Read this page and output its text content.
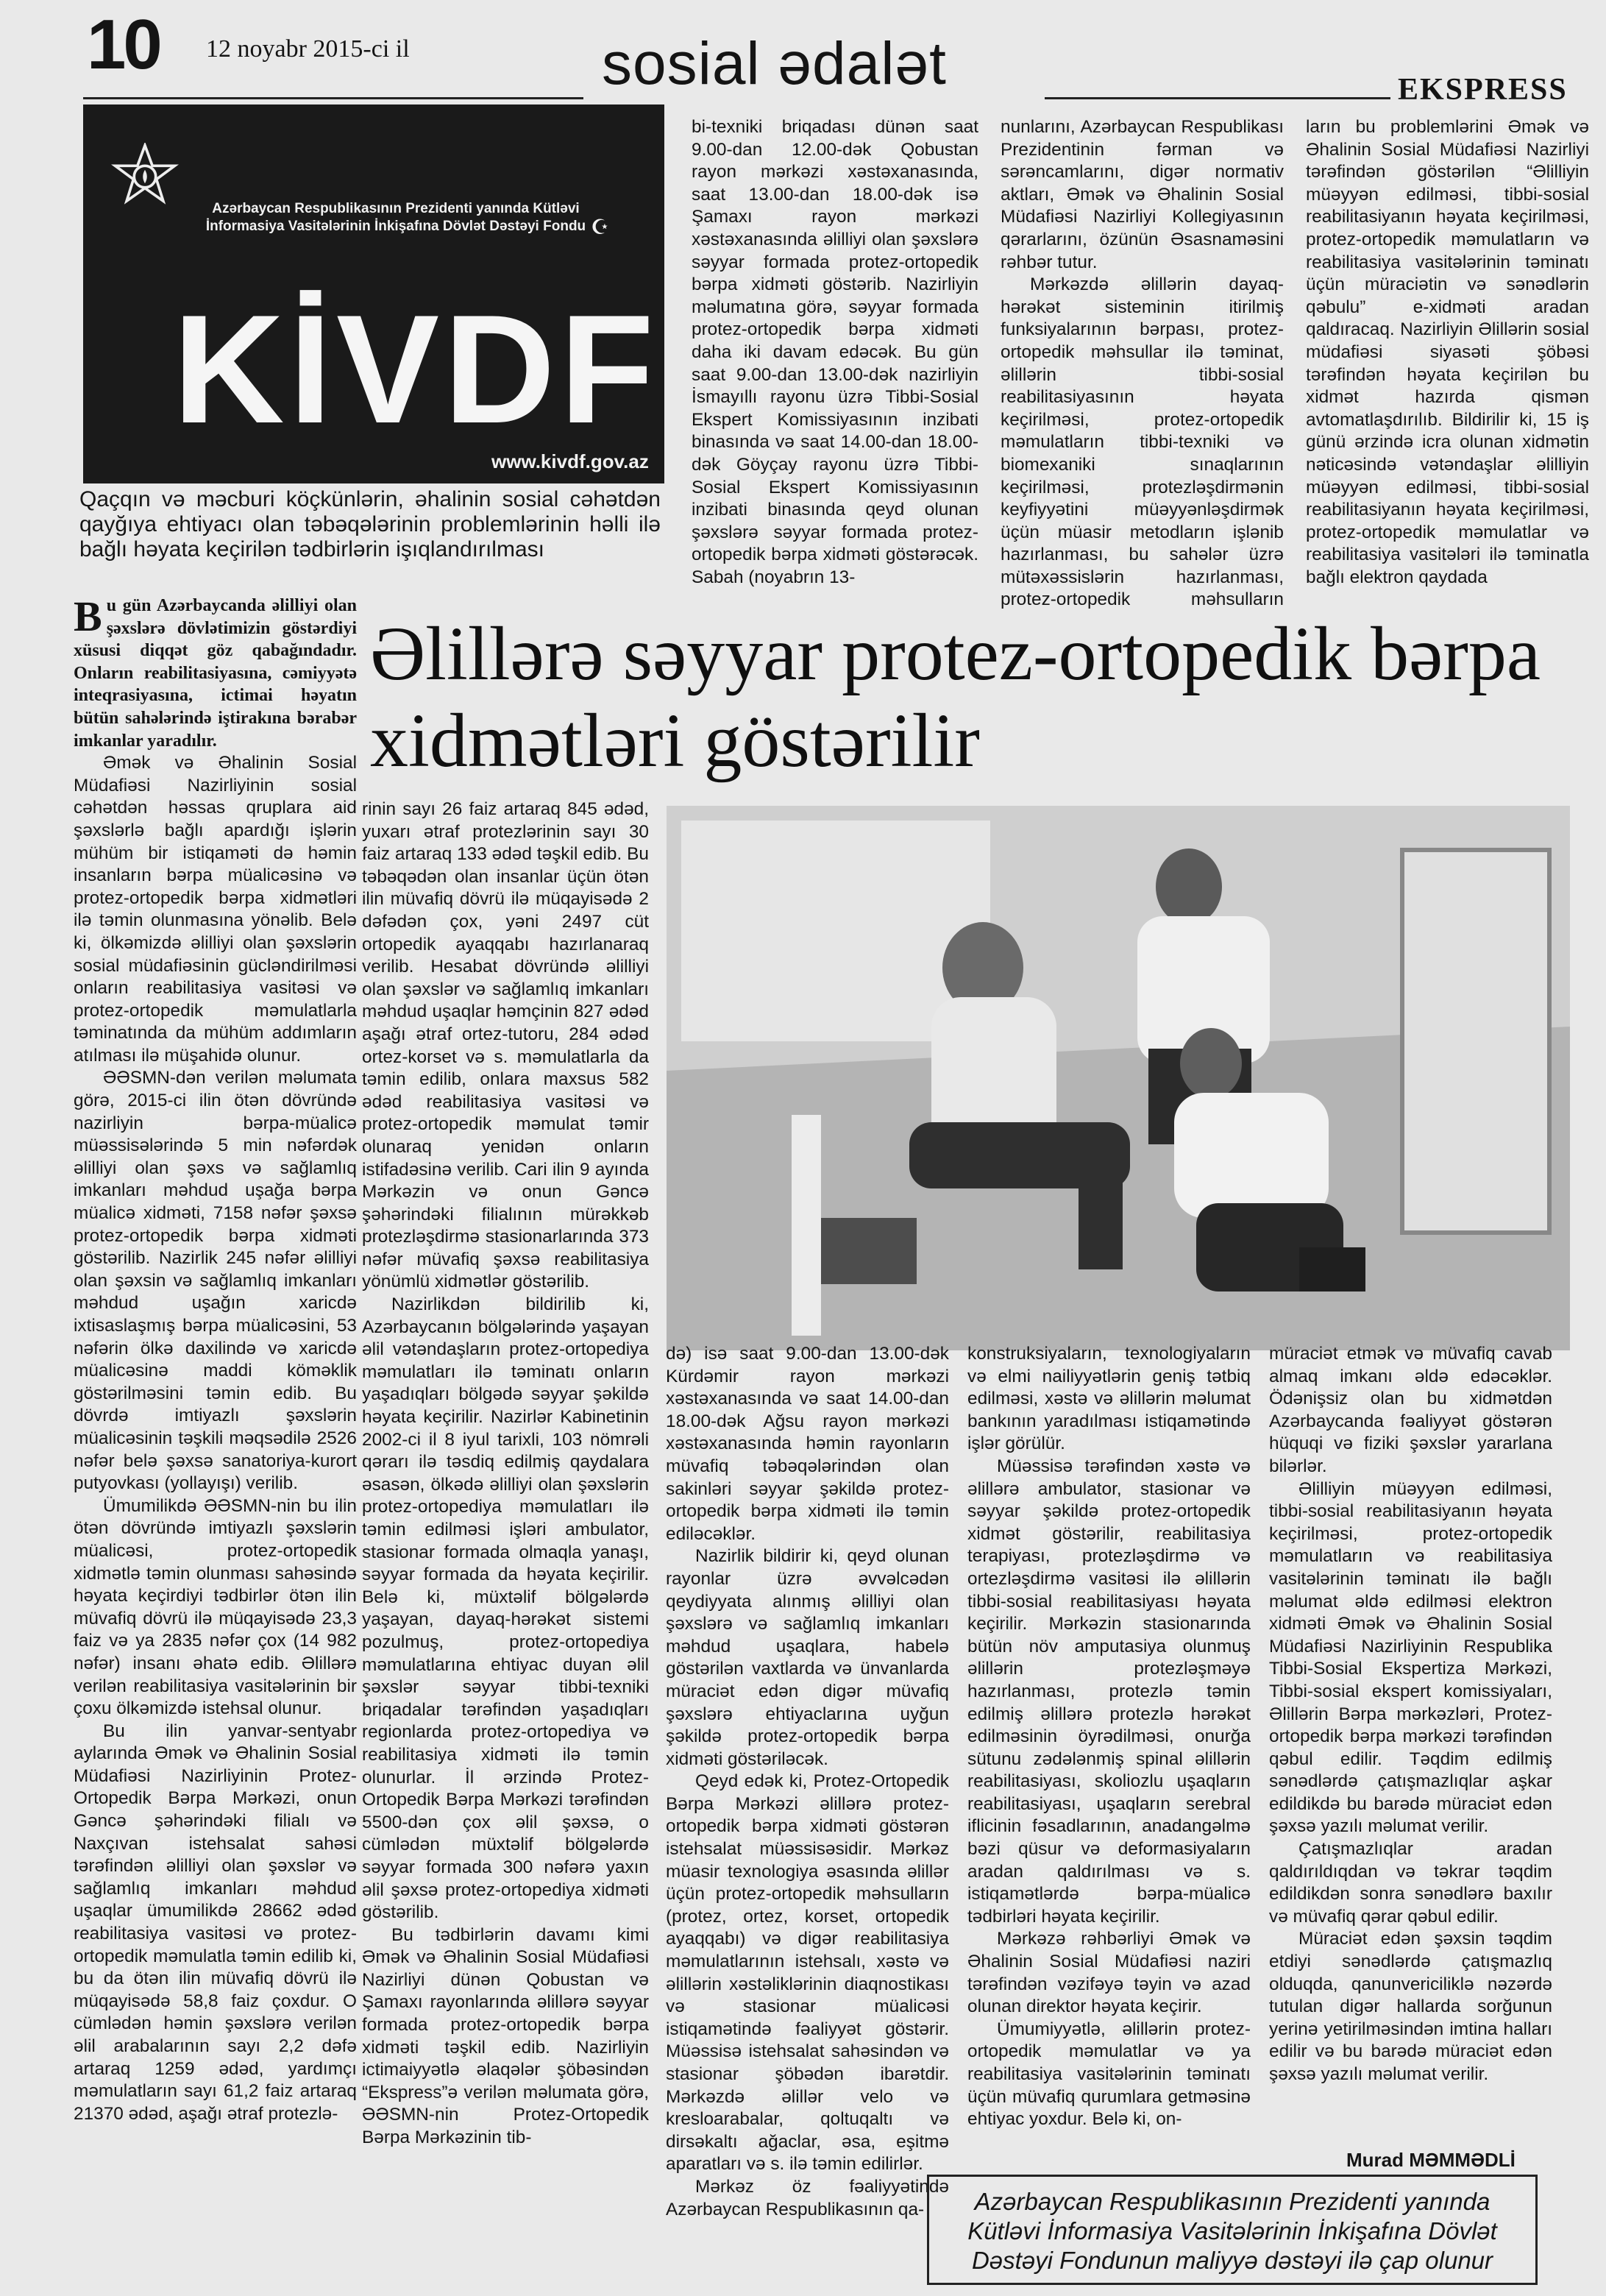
10 12 noyabr 2015-ci il	sosial ədalət	EKSPRESS
Azərbaycan Respublikasının Prezidenti yanında Kütləvi İnformasiya Vasitələrinin İnkişafına Dövlət Dəstəyi Fondu ☪
KİVDF
www.kivdf.gov.az
Qaçqın və məcburi köçkünlərin, əhalinin sosial cəhətdən qayğıya ehtiyacı olan təbəqələrinin problemlərinin həlli ilə bağlı həyata keçirilən tədbirlərin işıqlandırılması
Əlillərə səyyar protez-ortopedik bərpa xidmətləri göstərilir

Bu gün Azərbaycanda əlilliyi olan şəxslərə dövlətimizin göstərdiyi xüsusi diqqət göz qabağındadır. Onların reabilitasiyasına, cəmiyyətə inteqrasiyasına, ictimai həyatın bütün sahələrində iştirakına bərabər imkanlar yaradılır.

Əmək və Əhalinin Sosial Müdafiəsi Nazirliyinin sosial cəhətdən həssas qruplara aid şəxslərlə bağlı apardığı işlərin mühüm bir istiqaməti də həmin insanların bərpa müalicəsinə və protez-ortopedik bərpa xidmətləri ilə təmin olunmasına yönəlib. Belə ki, ölkəmizdə əlilliyi olan şəxslərin sosial müdafiəsinin gücləndirilməsi onların reabilitasiya vasitəsi və protez-ortopedik məmulatlarla təminatında da mühüm addımların atılması ilə müşahidə olunur.

ƏƏSMN-dən verilən məlumata görə, 2015-ci ilin ötən dövründə nazirliyin bərpa-müalicə müəssisələrində 5 min nəfərdək əlilliyi olan şəxs və sağlamlıq imkanları məhdud uşağa bərpa müalicə xidməti, 7158 nəfər şəxsə protez-ortopedik bərpa xidməti göstərilib. Nazirlik 245 nəfər əlilliyi olan şəxsin və sağlamlıq imkanları məhdud uşağın xaricdə ixtisaslaşmış bərpa müalicəsini, 53 nəfərin ölkə daxilində və xaricdə müalicəsinə maddi köməklik göstərilməsini təmin edib. Bu dövrdə imtiyazlı şəxslərin müalicəsinin təşkili məqsədilə 2526 nəfər belə şəxsə sanatoriya-kurort putyovkası (yollayışı) verilib.

Ümumilikdə ƏƏSMN-nin bu ilin ötən dövründə imtiyazlı şəxslərin müalicəsi, protez-ortopedik xidmətlə təmin olunması sahəsində həyata keçirdiyi tədbirlər ötən ilin müvafiq dövrü ilə müqayisədə 23,3 faiz və ya 2835 nəfər çox (14 982 nəfər) insanı əhatə edib. Əlillərə verilən reabilitasiya vasitələrinin bir çoxu ölkəmizdə istehsal olunur.

Bu ilin yanvar-sentyabr aylarında Əmək və Əhalinin Sosial Müdafiəsi Nazirliyinin Protez-Ortopedik Bərpa Mərkəzi, onun Gəncə şəhərindəki filialı və Naxçıvan istehsalat sahəsi tərəfindən əlilliyi olan şəxslər və sağlamlıq imkanları məhdud uşaqlar ümumilikdə 28662 ədəd reabilitasiya vasitəsi və protez-ortopedik məmulatla təmin edilib ki, bu da ötən ilin müvafiq dövrü ilə müqayisədə 58,8 faiz çoxdur. O cümlədən həmin şəxslərə verilən əlil arabalarının sayı 2,2 dəfə artaraq 1259 ədəd, yardımçı məmulatların sayı 61,2 faiz artaraq 21370 ədəd, aşağı ətraf protezlə-

bi-texniki briqadası dünən saat 9.00-dan 12.00-dək Qobustan rayon mərkəzi xəstəxanasında, saat 13.00-dan 18.00-dək isə Şamaxı rayon mərkəzi xəstəxanasında əlilliyi olan şəxslərə səyyar formada protez-ortopedik bərpa xidməti göstərib. Nazirliyin məlumatına görə, səyyar formada protez-ortopedik bərpa xidməti daha iki davam edəcək. Bu gün saat 9.00-dan 13.00-dək nazirliyin İsmayıllı rayonu üzrə Tibbi-Sosial Ekspert Komissiyasının inzibati binasında və saat 14.00-dan 18.00-dək Göyçay rayonu üzrə Tibbi-Sosial Ekspert Komissiyasının inzibati binasında qeyd olunan şəxslərə səyyar formada protez-ortopedik bərpa xidməti göstərəcək. Sabah (noyabrın 13-

nunlarını, Azərbaycan Respublikası Prezidentinin fərman və sərəncamlarını, digər normativ aktları, Əmək və Əhalinin Sosial Müdafiəsi Nazirliyi Kollegiyasının qərarlarını, özünün Əsasnaməsini rəhbər tutur.

Mərkəzdə əlillərin dayaq-hərəkət sisteminin itirilmiş funksiyalarının bərpası, protez-ortopedik məhsullar ilə təminat, əlillərin tibbi-sosial reabilitasiyasının həyata keçirilməsi, protez-ortopedik məmulatların tibbi-texniki və biomexaniki sınaqlarının keçirilməsi, protezləşdirmənin keyfiyyətini müəyyənləşdirmək üçün müasir metodların işlənib hazırlanması, bu sahələr üzrə mütəxəssislərin hazırlanması, protez-ortopedik məhsulların

ların bu problemlərini Əmək və Əhalinin Sosial Müdafiəsi Nazirliyi tərəfindən göstərilən “Əlilliyin müəyyən edilməsi, tibbi-sosial reabilitasiyanın həyata keçirilməsi, protez-ortopedik məmulatların və reabilitasiya vasitələrinin təminatı üçün müraciətin və sənədlərin qəbulu” e-xidməti aradan qaldıracaq. Nazirliyin Əlillərin sosial müdafiəsi siyasəti şöbəsi tərəfindən həyata keçirilən bu xidmət hazırda qismən avtomatlaşdırılıb. Bildirilir ki, 15 iş günü ərzində icra olunan xidmətin nəticəsində vətəndaşlar əlilliyin müəyyən edilməsi, tibbi-sosial reabilitasiyanın həyata keçirilməsi, protez-ortopedik məmulatlar və reabilitasiya vasitələri ilə təminatla bağlı elektron qaydada

rinin sayı 26 faiz artaraq 845 ədəd, yuxarı ətraf protezlərinin sayı 30 faiz artaraq 133 ədəd təşkil edib. Bu təbəqədən olan insanlar üçün ötən ilin müvafiq dövrü ilə müqayisədə 2 dəfədən çox, yəni 2497 cüt ortopedik ayaqqabı hazırlanaraq verilib. Hesabat dövründə əlilliyi olan şəxslər və sağlamlıq imkanları məhdud uşaqlar həmçinin 827 ədəd aşağı ətraf ortez-tutoru, 284 ədəd ortez-korset və s. məmulatlarla da təmin edilib, onlara maxsus 582 ədəd reabilitasiya vasitəsi və protez-ortopedik məmulat təmir olunaraq yenidən onların istifadəsinə verilib. Cari ilin 9 ayında Mərkəzin və onun Gəncə şəhərindəki filialının mürəkkəb protezləşdirmə stasionarlarında 373 nəfər müvafiq şəxsə reabilitasiya yönümlü xidmətlər göstərilib.

Nazirlikdən bildirilib ki, Azərbaycanın bölgələrində yaşayan əlil vətəndaşların protez-ortopediya məmulatları ilə təminatı onların yaşadıqları bölgədə səyyar şəkildə həyata keçirilir. Nazirlər Kabinetinin 2002-ci il 8 iyul tarixli, 103 nömrəli qərarı ilə təsdiq edilmiş qaydalara əsasən, ölkədə əlilliyi olan şəxslərin protez-ortopediya məmulatları ilə təmin edilməsi işləri ambulator, stasionar formada olmaqla yanaşı, səyyar formada da həyata keçirilir. Belə ki, müxtəlif bölgələrdə yaşayan, dayaq-hərəkət sistemi pozulmuş, protez-ortopediya məmulatlarına ehtiyac duyan əlil şəxslər səyyar tibbi-texniki briqadalar tərəfindən yaşadıqları regionlarda protez-ortopediya və reabilitasiya xidməti ilə təmin olunurlar. İl ərzində Protez-Ortopedik Bərpa Mərkəzi tərəfindən 5500-dən çox əlil şəxsə, o cümlədən müxtəlif bölgələrdə səyyar formada 300 nəfərə yaxın əlil şəxsə protez-ortopediya xidməti göstərilib.

Bu tədbirlərin davamı kimi Əmək və Əhalinin Sosial Müdafiəsi Nazirliyi dünən Qobustan və Şamaxı rayonlarında əlillərə səyyar formada protez-ortopedik bərpa xidməti təşkil edib. Nazirliyin ictimaiyyətlə əlaqələr şöbəsindən “Ekspress”ə verilən məlumata görə, ƏƏSMN-nin Protez-Ortopedik Bərpa Mərkəzinin tib-

də) isə saat 9.00-dan 13.00-dək Kürdəmir rayon mərkəzi xəstəxanasında və saat 14.00-dan 18.00-dək Ağsu rayon mərkəzi xəstəxanasında həmin rayonların müvafiq təbəqələrindən olan sakinləri səyyar şəkildə protez-ortopedik bərpa xidməti ilə təmin ediləcəklər.

Nazirlik bildirir ki, qeyd olunan rayonlar üzrə əvvəlcədən qeydiyyata alınmış əlilliyi olan şəxslərə və sağlamlıq imkanları məhdud uşaqlara, habelə göstərilən vaxtlarda və ünvanlarda müraciət edən digər müvafiq şəxslərə ehtiyaclarına uyğun şəkildə protez-ortopedik bərpa xidməti göstəriləcək.

Qeyd edək ki, Protez-Ortopedik Bərpa Mərkəzi əlillərə protez-ortopedik bərpa xidməti göstərən istehsalat müəssisəsidir. Mərkəz müasir texnologiya əsasında əlillər üçün protez-ortopedik məhsulların (protez, ortez, korset, ortopedik ayaqqabı) və digər reabilitasiya məmulatlarının istehsalı, xəstə və əlillərin xəstəliklərinin diaqnostikası və stasionar müalicəsi istiqamətində fəaliyyət göstərir. Müəssisə istehsalat sahəsindən və stasionar şöbədən ibarətdir. Mərkəzdə əlillər velo və kresloarabalar, qoltuqaltı və dirsəkaltı ağaclar, əsa, eşitmə aparatları və s. ilə təmin edilirlər.

Mərkəz öz fəaliyyətində Azərbaycan Respublikasının qa-

konstruksiyaların, texnologiyaların və elmi nailiyyətlərin geniş tətbiq edilməsi, xəstə və əlillərin məlumat bankının yaradılması istiqamətində işlər görülür.

Müəssisə tərəfindən xəstə və əlillərə ambulator, stasionar və səyyar şəkildə protez-ortopedik xidmət göstərilir, reabilitasiya terapiyası, protezləşdirmə və ortezləşdirmə vasitəsi ilə əlillərin tibbi-sosial reabilitasiyası həyata keçirilir. Mərkəzin stasionarında bütün növ amputasiya olunmuş əlillərin protezləşməyə hazırlanması, protezlə təmin edilmiş əlillərə protezlə hərəkət edilməsinin öyrədilməsi, onurğa sütunu zədələnmiş spinal əlillərin reabilitasiyası, skoliozlu uşaqların reabilitasiyası, uşaqların serebral iflicinin fəsadlarının, anadangəlmə bəzi qüsur və deformasiyaların aradan qaldırılması və s. istiqamətlərdə bərpa-müalicə tədbirləri həyata keçirilir.

Mərkəzə rəhbərliyi Əmək və Əhalinin Sosial Müdafiəsi naziri tərəfindən vəzifəyə təyin və azad olunan direktor həyata keçirir.

Ümumiyyətlə, əlillərin protez-ortopedik məmulatlar və ya reabilitasiya vasitələrinin təminatı üçün müvafiq qurumlara getməsinə ehtiyac yoxdur. Belə ki, on-

müraciət etmək və müvafiq cavab almaq imkanı əldə edəcəklər. Ödənişsiz olan bu xidmətdən Azərbaycanda fəaliyyət göstərən hüquqi və fiziki şəxslər yararlana bilərlər.

Əlilliyin müəyyən edilməsi, tibbi-sosial reabilitasiyanın həyata keçirilməsi, protez-ortopedik məmulatların və reabilitasiya vasitələrinin təminatı ilə bağlı məlumat əldə edilməsi elektron xidməti Əmək və Əhalinin Sosial Müdafiəsi Nazirliyinin Respublika Tibbi-Sosial Ekspertiza Mərkəzi, Tibbi-sosial ekspert komissiyaları, Əlillərin Bərpa mərkəzləri, Protez-ortopedik bərpa mərkəzi tərəfindən qəbul edilir. Təqdim edilmiş sənədlərdə çatışmazlıqlar aşkar edildikdə bu barədə müraciət edən şəxsə yazılı məlumat verilir.

Çatışmazlıqlar aradan qaldırıldıqdan və təkrar təqdim edildikdən sonra sənədlərə baxılır və müvafiq qərar qəbul edilir.

Müraciət edən şəxsin təqdim etdiyi sənədlərdə çatışmazlıq olduqda, qanunvericiliklə nəzərdə tutulan digər hallarda sorğunun yerinə yetirilməsindən imtina halları edilir və bu barədə müraciət edən şəxsə yazılı məlumat verilir.

Murad MƏMMƏDLİ
Azərbaycan Respublikasının Prezidenti yanında Kütləvi İnformasiya Vasitələrinin İnkişafına Dövlət Dəstəyi Fondunun maliyyə dəstəyi ilə çap olunur
